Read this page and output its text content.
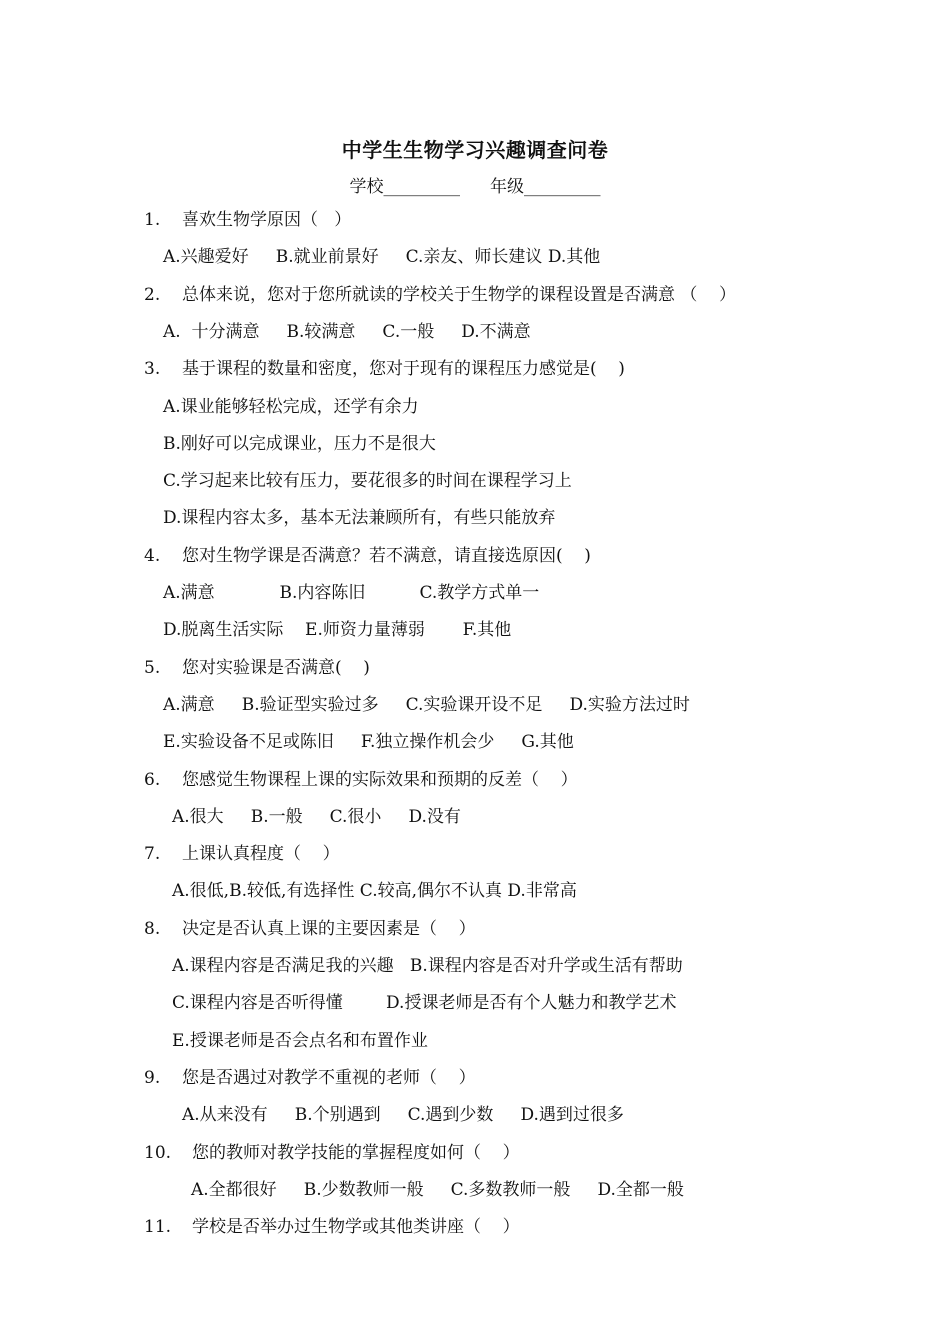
中学生生物学习兴趣调查问卷
学校_________ 年级_________
1. 喜欢生物学原因（   ）
A.兴趣爱好     B.就业前景好     C.亲友、师长建议 D.其他
2. 总体来说，您对于您所就读的学校关于生物学的课程设置是否满意 （    ）
A.  十分满意     B.较满意     C.一般     D.不满意
3. 基于课程的数量和密度，您对于现有的课程压力感觉是(    )
A.课业能够轻松完成，还学有余力
B.刚好可以完成课业，压力不是很大
C.学习起来比较有压力，要花很多的时间在课程学习上
D.课程内容太多，基本无法兼顾所有，有些只能放弃
4. 您对生物学课是否满意？若不满意，请直接选原因(    )
A.满意            B.内容陈旧          C.教学方式单一
D.脱离生活实际    E.师资力量薄弱       F.其他
5. 您对实验课是否满意(    )
A.满意     B.验证型实验过多     C.实验课开设不足     D.实验方法过时
E.实验设备不足或陈旧     F.独立操作机会少     G.其他
6. 您感觉生物课程上课的实际效果和预期的反差（    ）
A.很大     B.一般     C.很小     D.没有
7. 上课认真程度（    ）
A.很低,B.较低,有选择性 C.较高,偶尔不认真 D.非常高
8. 决定是否认真上课的主要因素是（    ）
A.课程内容是否满足我的兴趣   B.课程内容是否对升学或生活有帮助
C.课程内容是否听得懂        D.授课老师是否有个人魅力和教学艺术
E.授课老师是否会点名和布置作业
9. 您是否遇过对教学不重视的老师（    ）
A.从来没有     B.个别遇到     C.遇到少数     D.遇到过很多
10. 您的教师对教学技能的掌握程度如何（    ）
A.全都很好     B.少数教师一般     C.多数教师一般     D.全都一般
11. 学校是否举办过生物学或其他类讲座（    ）
